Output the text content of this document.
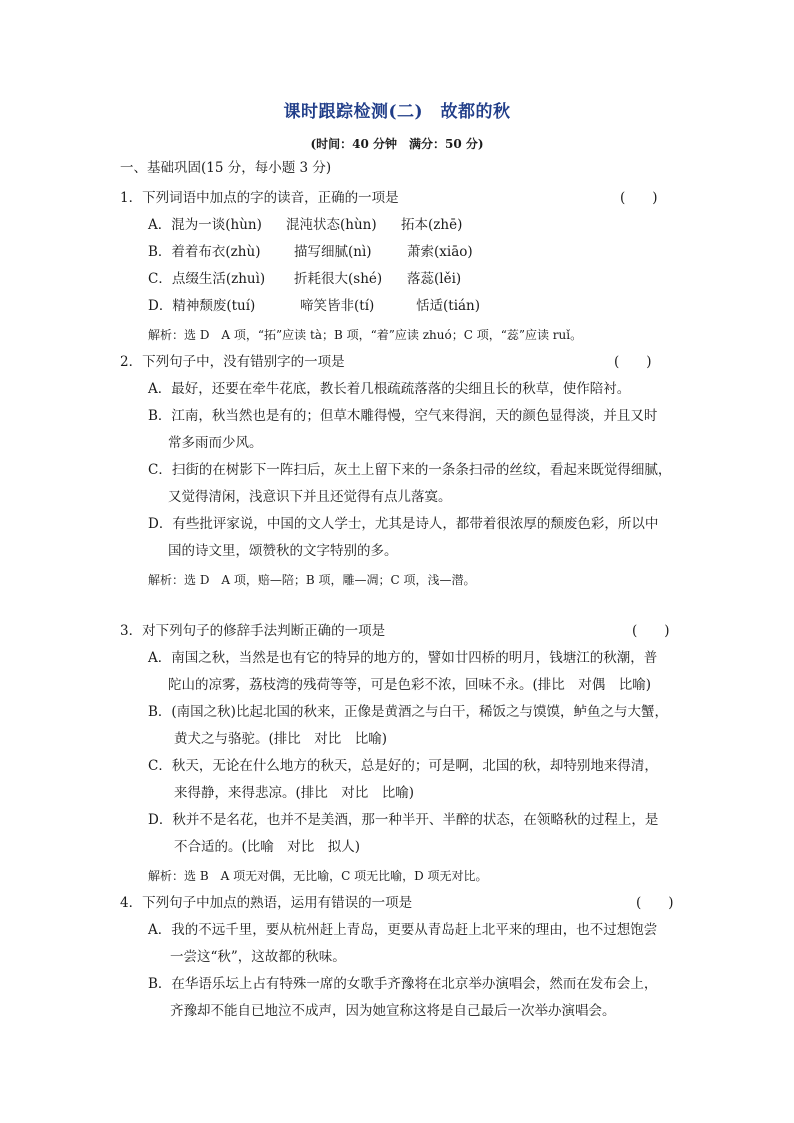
课时跟踪检测(二)　故都的秋
(时间：40 分钟　满分：50 分)
一、基础巩固(15 分，每小题 3 分)
1．下列词语中加点的字的读音，正确的一项是	(　　)
A．混为一谈(hùn) 混沌状态(hùn) 拓本(zhē)
B．着着布衣(zhù) 描写细腻(nì)	萧索(xiāo)
C．点缀生活(zhuì) 折耗很大(shé) 落蕊(lěi)
D．精神颓废(tuí)	啼笑皆非(tí)	恬适(tián)
解析：选 D　A 项，“拓”应读 tà；B 项，“着”应读 zhuó；C 项，“蕊”应读 ruǐ。
2．下列句子中，没有错别字的一项是	(　　)
A．最好，还要在牵牛花底，教长着几根疏疏落落的尖细且长的秋草，使作陪衬。
B．江南，秋当然也是有的；但草木雕得慢，空气来得润，天的颜色显得淡，并且又时
常多雨而少风。
C．扫街的在树影下一阵扫后，灰土上留下来的一条条扫帚的丝纹，看起来既觉得细腻，
又觉得清闲，浅意识下并且还觉得有点儿落寞。
D．有些批评家说，中国的文人学士，尤其是诗人，都带着很浓厚的颓废色彩，所以中
国的诗文里，颂赞秋的文字特别的多。
解析：选 D　A 项，赔—陪；B 项，雕—凋；C 项，浅—潜。
3．对下列句子的修辞手法判断正确的一项是	(　　)
A．南国之秋，当然是也有它的特异的地方的，譬如廿四桥的明月，钱塘江的秋潮，普
陀山的凉雾，荔枝湾的残荷等等，可是色彩不浓，回味不永。(排比　对偶　比喻)
B．(南国之秋)比起北国的秋来，正像是黄酒之与白干，稀饭之与馍馍，鲈鱼之与大蟹，
黄犬之与骆驼。(排比　对比　比喻)
C．秋天，无论在什么地方的秋天，总是好的；可是啊，北国的秋，却特别地来得清，
来得静，来得悲凉。(排比　对比　比喻)
D．秋并不是名花，也并不是美酒，那一种半开、半醉的状态，在领略秋的过程上，是
不合适的。(比喻　对比　拟人)
解析：选 B　A 项无对偶，无比喻，C 项无比喻，D 项无对比。
4．下列句子中加点的熟语，运用有错误的一项是	(　　)
A．我的不远千里，要从杭州赶上青岛，更要从青岛赶上北平来的理由，也不过想饱尝
一尝这“秋”，这故都的秋味。
B．在华语乐坛上占有特殊一席的女歌手齐豫将在北京举办演唱会，然而在发布会上，
齐豫却不能自已地泣不成声，因为她宣称这将是自己最后一次举办演唱会。
